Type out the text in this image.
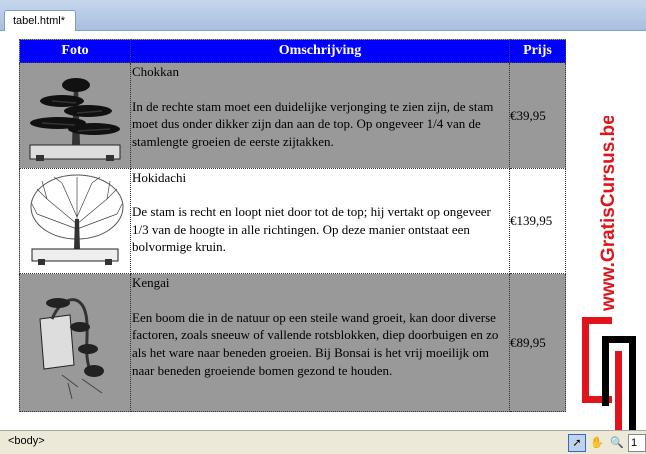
tabel.html*
Foto	Omschrijving	Prijs

Chokkan

In de rechte stam moet een duidelijke verjonging te zien zijn, de stam moet dus onder dikker zijn dan aan de top. Op ongeveer 1/4 van de stamlengte groeien de eerste zijtakken.	€39,95

Hokidachi

De stam is recht en loopt niet door tot de top; hij vertakt op ongeveer 1/3 van de hoogte in alle richtingen. Op deze manier ontstaat een bolvormige kruin.	€139,95

Kengai

Een boom die in de natuur op een steile wand groeit, kan door diverse factoren, zoals sneeuw of vallende rotsblokken, diep doorbuigen en zo als het ware naar beneden groeien. Bij Bonsai is het vrij moeilijk om naar beneden groeiende bomen gezond te houden.	€89,95
www.GratisCursus.be
<body>	➚ ✋ 🔍 1
